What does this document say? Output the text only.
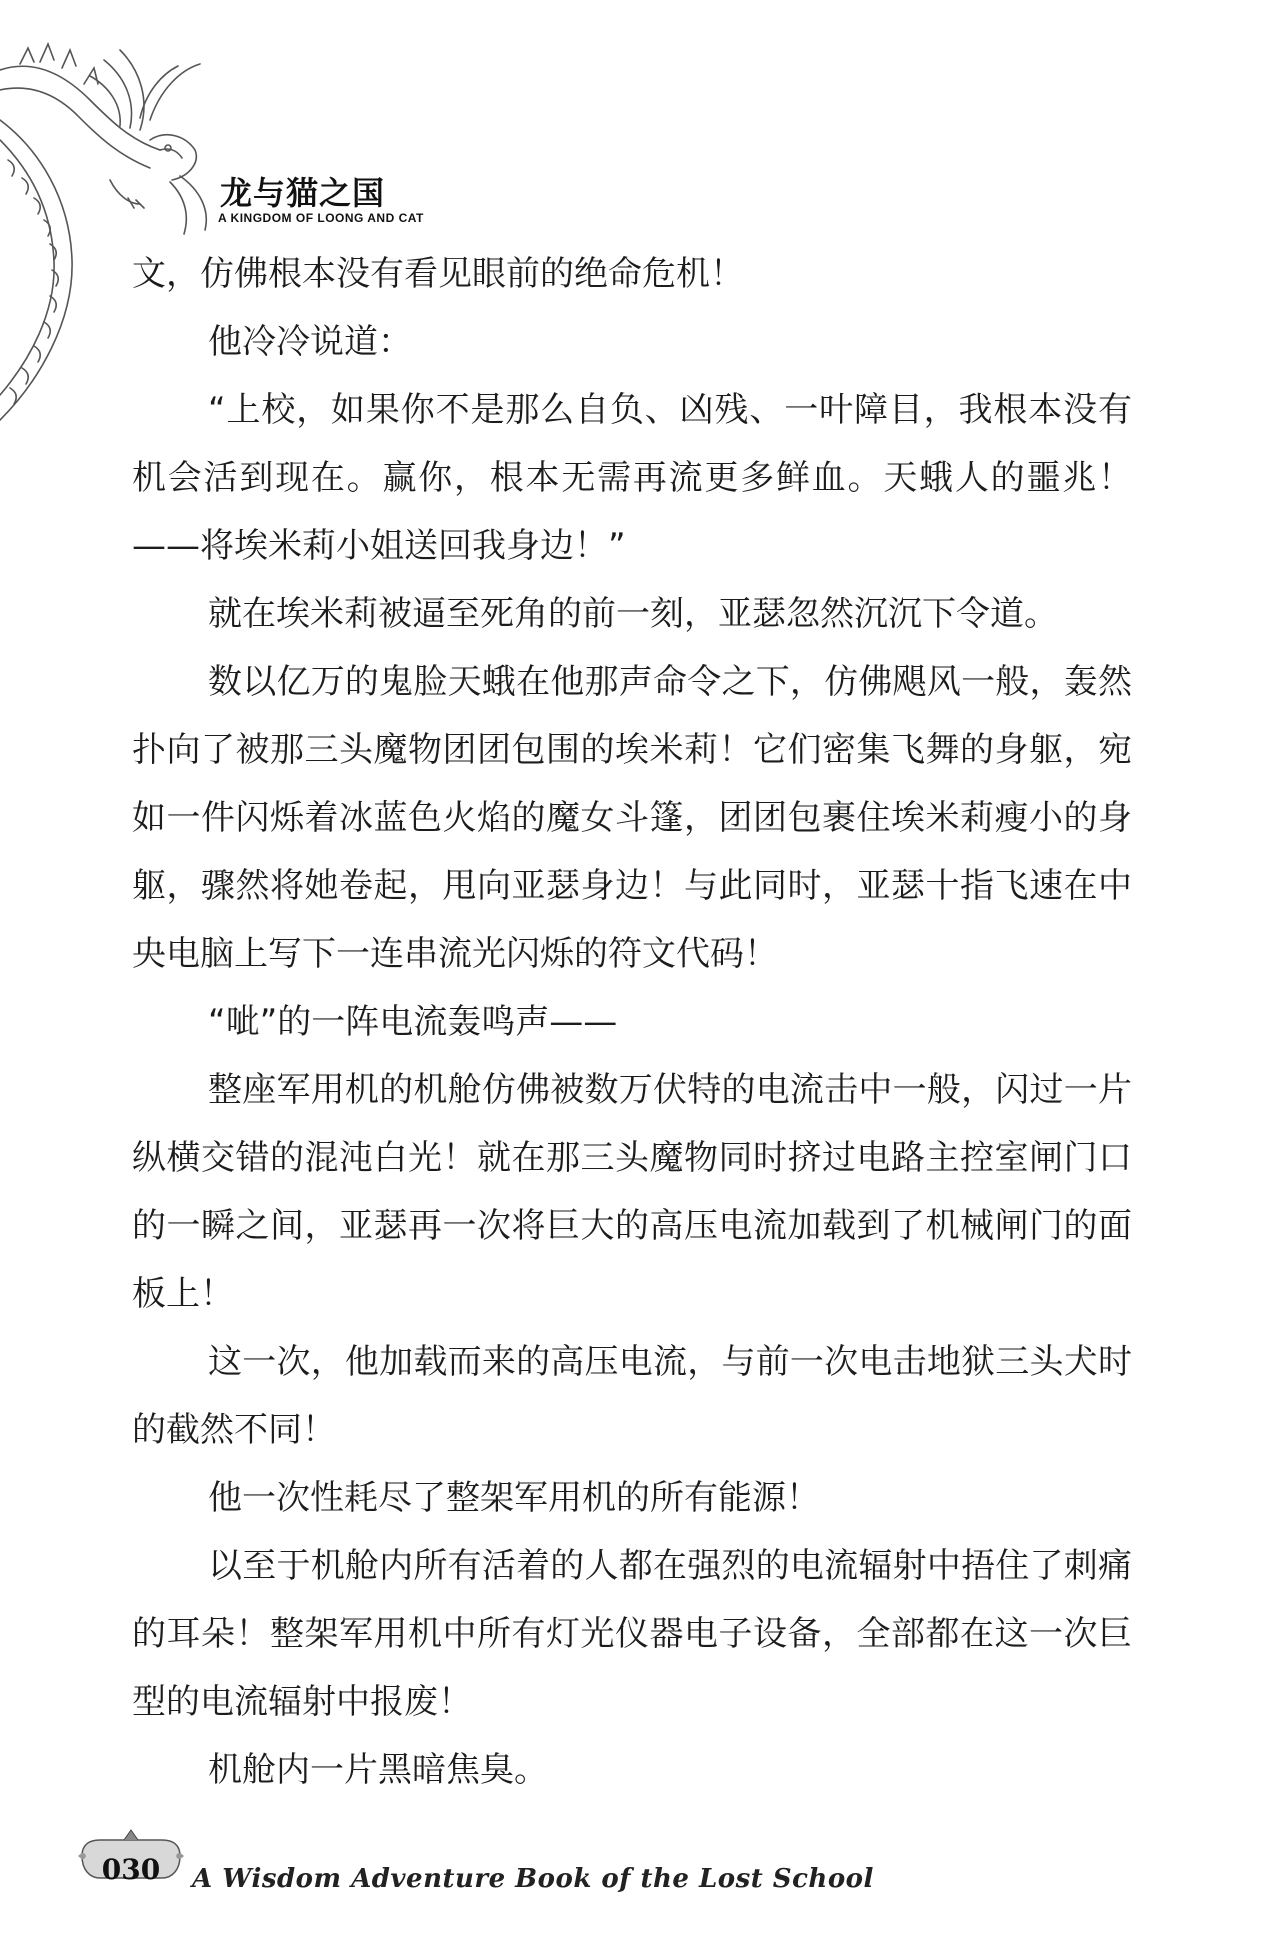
龙与猫之国
A KINGDOM OF LOONG AND CAT

文，仿佛根本没有看见眼前的绝命危机！

他冷冷说道：

“上校，如果你不是那么自负、凶残、一叶障目，我根本没有机会活到现在。赢你，根本无需再流更多鲜血。天蛾人的噩兆！——将埃米莉小姐送回我身边！”

就在埃米莉被逼至死角的前一刻，亚瑟忽然沉沉下令道。

数以亿万的鬼脸天蛾在他那声命令之下，仿佛飓风一般，轰然扑向了被那三头魔物团团包围的埃米莉！它们密集飞舞的身躯，宛如一件闪烁着冰蓝色火焰的魔女斗篷，团团包裹住埃米莉瘦小的身躯，骤然将她卷起，甩向亚瑟身边！与此同时，亚瑟十指飞速在中央电脑上写下一连串流光闪烁的符文代码！

“呲”的一阵电流轰鸣声——

整座军用机的机舱仿佛被数万伏特的电流击中一般，闪过一片纵横交错的混沌白光！就在那三头魔物同时挤过电路主控室闸门口的一瞬之间，亚瑟再一次将巨大的高压电流加载到了机械闸门的面板上！

这一次，他加载而来的高压电流，与前一次电击地狱三头犬时的截然不同！

他一次性耗尽了整架军用机的所有能源！

以至于机舱内所有活着的人都在强烈的电流辐射中捂住了刺痛的耳朵！整架军用机中所有灯光仪器电子设备，全部都在这一次巨型的电流辐射中报废！

机舱内一片黑暗焦臭。

030	A Wisdom Adventure Book of the Lost School
